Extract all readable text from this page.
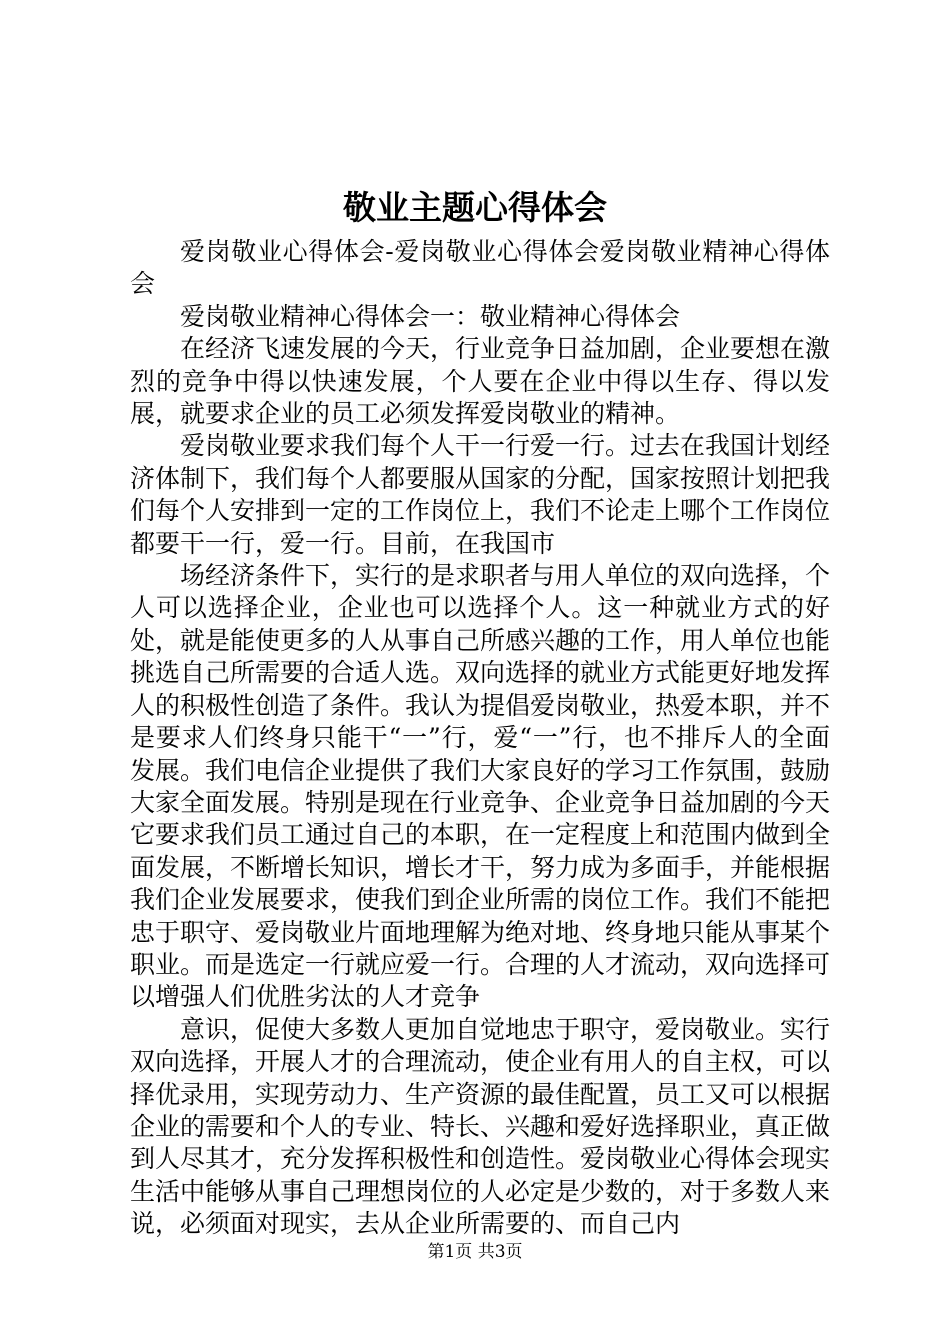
敬业主题心得体会

爱岗敬业心得体会-爱岗敬业心得体会爱岗敬业精神心得体会

爱岗敬业精神心得体会一：敬业精神心得体会

在经济飞速发展的今天，行业竞争日益加剧，企业要想在激烈的竞争中得以快速发展，个人要在企业中得以生存、得以发展，就要求企业的员工必须发挥爱岗敬业的精神。

爱岗敬业要求我们每个人干一行爱一行。过去在我国计划经济体制下，我们每个人都要服从国家的分配，国家按照计划把我们每个人安排到一定的工作岗位上，我们不论走上哪个工作岗位都要干一行，爱一行。目前，在我国市

场经济条件下，实行的是求职者与用人单位的双向选择，个人可以选择企业，企业也可以选择个人。这一种就业方式的好处，就是能使更多的人从事自己所感兴趣的工作，用人单位也能挑选自己所需要的合适人选。双向选择的就业方式能更好地发挥人的积极性创造了条件。我认为提倡爱岗敬业，热爱本职，并不是要求人们终身只能干“一”行，爱“一”行，也不排斥人的全面发展。我们电信企业提供了我们大家良好的学习工作氛围，鼓励大家全面发展。特别是现在行业竞争、企业竞争日益加剧的今天它要求我们员工通过自己的本职，在一定程度上和范围内做到全面发展，不断增长知识，增长才干，努力成为多面手，并能根据我们企业发展要求，使我们到企业所需的岗位工作。我们不能把忠于职守、爱岗敬业片面地理解为绝对地、终身地只能从事某个职业。而是选定一行就应爱一行。合理的人才流动，双向选择可以增强人们优胜劣汰的人才竞争

意识，促使大多数人更加自觉地忠于职守，爱岗敬业。实行双向选择，开展人才的合理流动，使企业有用人的自主权，可以择优录用，实现劳动力、生产资源的最佳配置，员工又可以根据企业的需要和个人的专业、特长、兴趣和爱好选择职业，真正做到人尽其才，充分发挥积极性和创造性。爱岗敬业心得体会现实生活中能够从事自己理想岗位的人必定是少数的，对于多数人来说，必须面对现实，去从企业所需要的、而自己内

第1页 共3页
